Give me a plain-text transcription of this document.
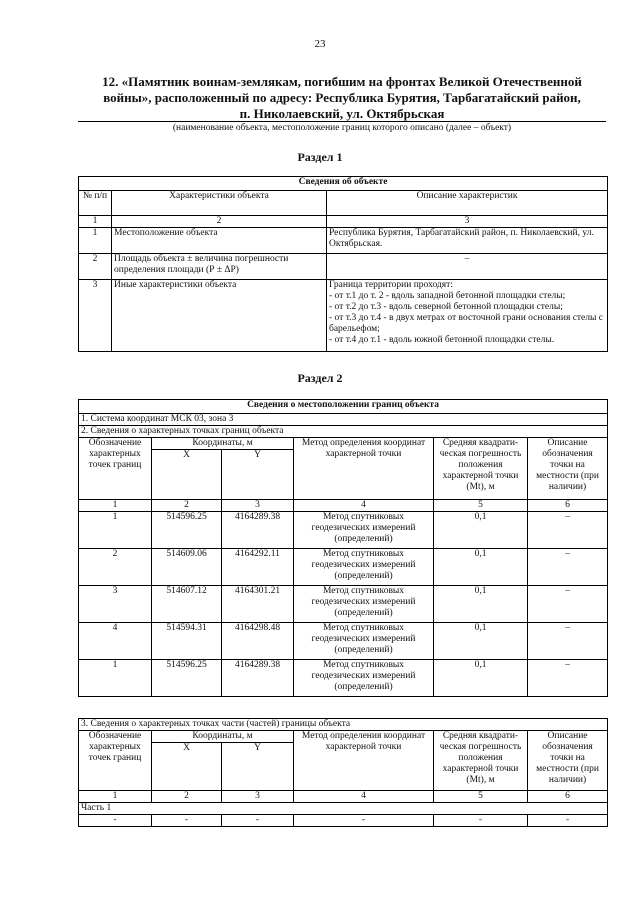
23
12. «Памятник воинам-землякам, погибшим на фронтах Великой Отечественной
войны», расположенный по адресу: Республика Бурятия, Тарбагатайский район,
п. Николаевский, ул. Октябрьская
(наименование объекта, местоположение границ которого описано (далее – объект)
Раздел 1
Сведения об объекте		
№ п/п	Характеристики объекта	Описание характеристик
1	2	3
1	Местоположение объекта	Республика Бурятия, Тарбагатайский район, п. Николаевский, ул. Октябрьская.
2	Площадь объекта ± величина погрешности определения площади (Р ± ΔР)	–
3	Иные характеристики объекта	Граница территории проходят:
- от т.1 до т. 2 - вдоль западной бетонной площадки стелы;
- от т.2 до т.3 - вдоль северной бетонной площадки стелы;
- от т.3 до т.4 - в двух метрах от восточной грани основания стелы с барельефом;
- от т.4 до т.1 - вдоль южной бетонной площадки стелы.
Раздел 2
Сведения о местоположении границ объекта					
1. Система координат МСК 03, зона 3					
2. Сведения о характерных точках границ объекта					
Обозначение характерных точек границ	Координаты, м		Метод определения координат характерной точки	Средняя квадрати-ческая погрешность положения характерной точки (Mt), м	Описание обозначения точки на местности (при наличии)
	X	Y			
1	2	3	4	5	6
1	514596.25	4164289.38	Метод спутниковых геодезических измерений (определений)	0,1	–
2	514609.06	4164292.11	Метод спутниковых геодезических измерений (определений)	0,1	–
3	514607.12	4164301.21	Метод спутниковых геодезических измерений (определений)	0,1	–
4	514594.31	4164298.48	Метод спутниковых геодезических измерений (определений)	0,1	–
1	514596.25	4164289.38	Метод спутниковых геодезических измерений (определений)	0,1	–
3. Сведения о характерных точках части (частей) границы объекта					
Обозначение характерных точек границ	Координаты, м		Метод определения координат характерной точки	Средняя квадрати-ческая погрешность положения характерной точки (Mt), м	Описание обозначения точки на местности (при наличии)
	X	Y			
1	2	3	4	5	6
Часть 1					
-	-	-	-	-	-
